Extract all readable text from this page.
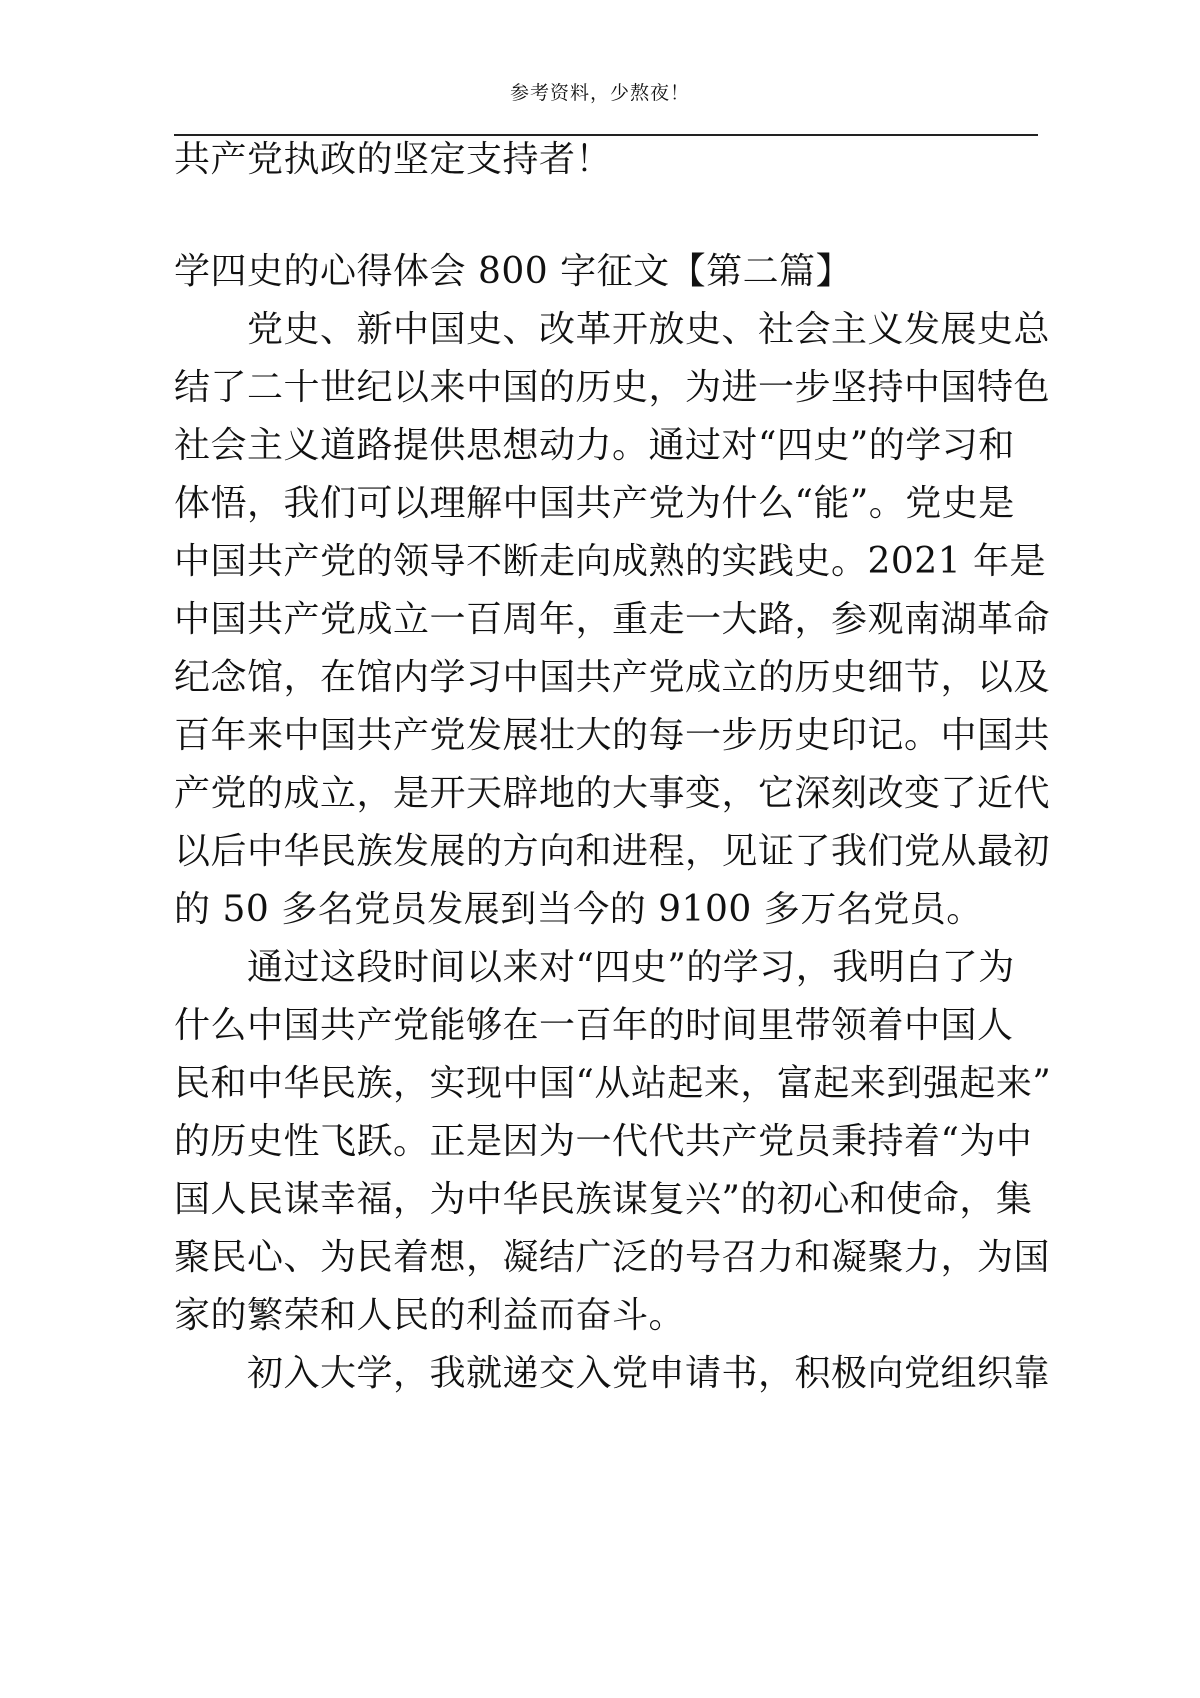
参考资料，少熬夜！
共产党执政的坚定支持者！
学四史的心得体会 800 字征文【第二篇】
　　党史、新中国史、改革开放史、社会主义发展史总
结了二十世纪以来中国的历史，为进一步坚持中国特色
社会主义道路提供思想动力。通过对“四史”的学习和
体悟，我们可以理解中国共产党为什么“能”。党史是
中国共产党的领导不断走向成熟的实践史。2021 年是
中国共产党成立一百周年，重走一大路，参观南湖革命
纪念馆，在馆内学习中国共产党成立的历史细节，以及
百年来中国共产党发展壮大的每一步历史印记。中国共
产党的成立，是开天辟地的大事变，它深刻改变了近代
以后中华民族发展的方向和进程，见证了我们党从最初
的 50 多名党员发展到当今的 9100 多万名党员。
　　通过这段时间以来对“四史”的学习，我明白了为
什么中国共产党能够在一百年的时间里带领着中国人
民和中华民族，实现中国“从站起来，富起来到强起来”
的历史性飞跃。正是因为一代代共产党员秉持着“为中
国人民谋幸福，为中华民族谋复兴”的初心和使命，集
聚民心、为民着想，凝结广泛的号召力和凝聚力，为国
家的繁荣和人民的利益而奋斗。
　　初入大学，我就递交入党申请书，积极向党组织靠
